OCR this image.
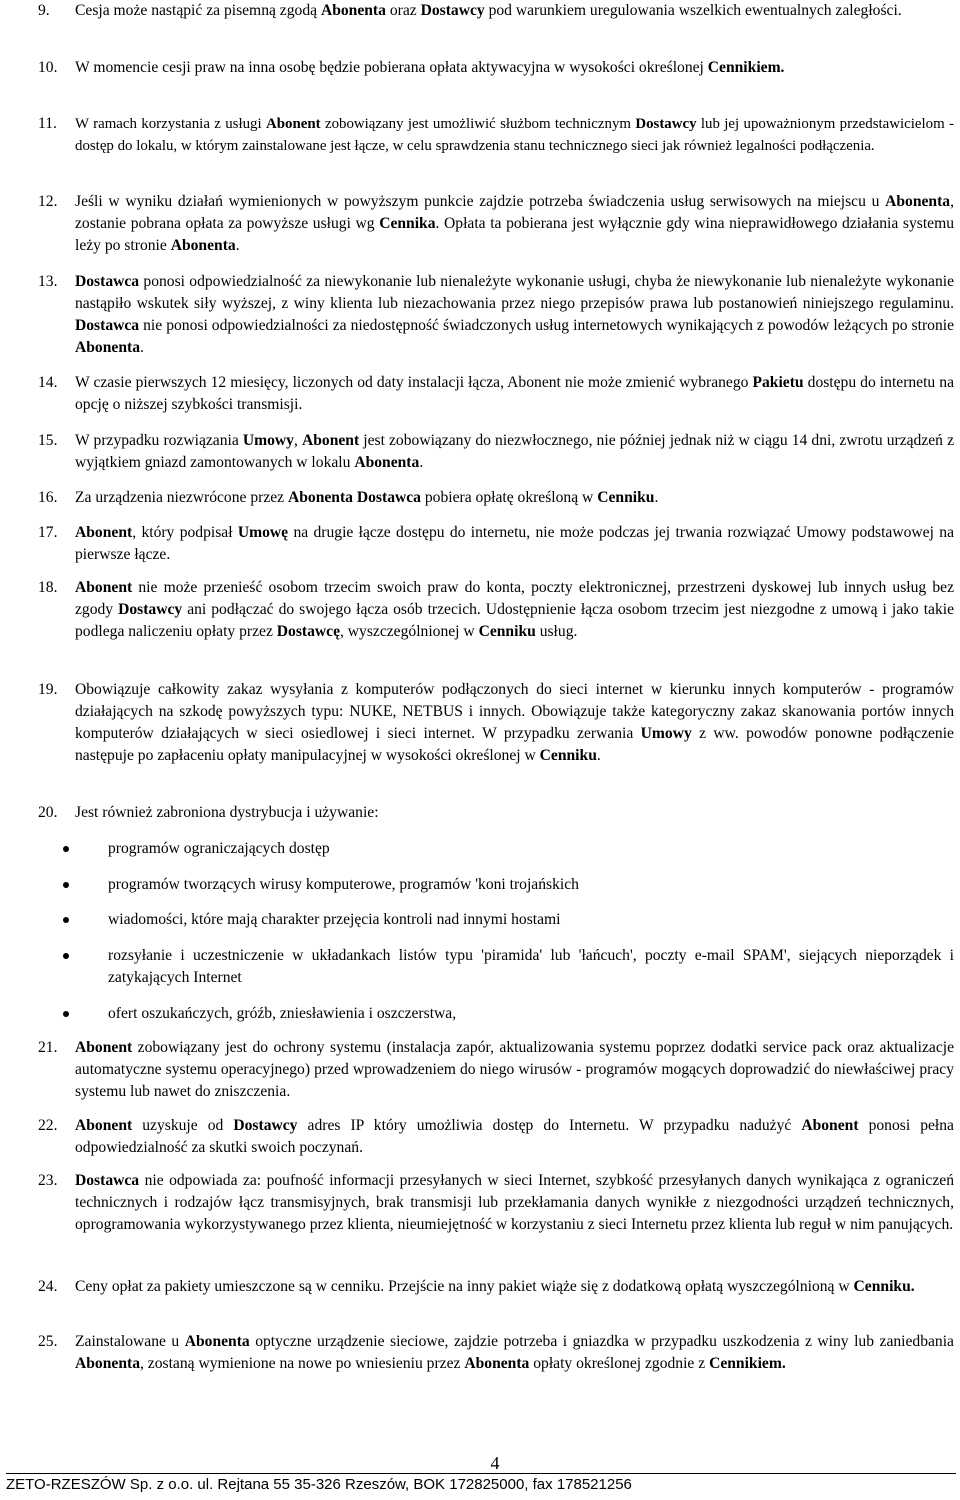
9. Cesja może nastąpić za pisemną zgodą Abonenta oraz Dostawcy pod warunkiem uregulowania wszelkich ewentualnych zaległości.
10. W momencie cesji praw na inna osobę będzie pobierana opłata aktywacyjna w wysokości określonej Cennikiem.
11. W ramach korzystania z usługi Abonent zobowiązany jest umożliwić służbom technicznym Dostawcy lub jej upoważnionym przedstawicielom - dostęp do lokalu, w którym zainstalowane jest łącze, w celu sprawdzenia stanu technicznego sieci jak również legalności podłączenia.
12. Jeśli w wyniku działań wymienionych w powyższym punkcie zajdzie potrzeba świadczenia usług serwisowych na miejscu u Abonenta, zostanie pobrana opłata za powyższe usługi wg Cennika. Opłata ta pobierana jest wyłącznie gdy wina nieprawidłowego działania systemu leży po stronie Abonenta.
13. Dostawca ponosi odpowiedzialność za niewykonanie lub nienależyte wykonanie usługi, chyba że niewykonanie lub nienależyte wykonanie nastąpiło wskutek siły wyższej, z winy klienta lub niezachowania przez niego przepisów prawa lub postanowień niniejszego regulaminu. Dostawca nie ponosi odpowiedzialności za niedostępność świadczonych usług internetowych wynikających z powodów leżących po stronie Abonenta.
14. W czasie pierwszych 12 miesięcy, liczonych od daty instalacji łącza, Abonent nie może zmienić wybranego Pakietu dostępu do internetu na opcję o niższej szybkości transmisji.
15. W przypadku rozwiązania Umowy, Abonent jest zobowiązany do niezwłocznego, nie później jednak niż w ciągu 14 dni, zwrotu urządzeń z wyjątkiem gniazd zamontowanych w lokalu Abonenta.
16. Za urządzenia niezwrócone przez Abonenta Dostawca pobiera opłatę określoną w Cenniku.
17. Abonent, który podpisał Umowę na drugie łącze dostępu do internetu, nie może podczas jej trwania rozwiązać Umowy podstawowej na pierwsze łącze.
18. Abonent nie może przenieść osobom trzecim swoich praw do konta, poczty elektronicznej, przestrzeni dyskowej lub innych usług bez zgody Dostawcy ani podłączać do swojego łącza osób trzecich. Udostępnienie łącza osobom trzecim jest niezgodne z umową i jako takie podlega naliczeniu opłaty przez Dostawcę, wyszczególnionej w Cenniku usług.
19. Obowiązuje całkowity zakaz wysyłania z komputerów podłączonych do sieci internet w kierunku innych komputerów - programów działających na szkodę powyższych typu: NUKE, NETBUS i innych. Obowiązuje także kategoryczny zakaz skanowania portów innych komputerów działających w sieci osiedlowej i sieci internet. W przypadku zerwania Umowy z ww. powodów ponowne podłączenie następuje po zapłaceniu opłaty manipulacyjnej w wysokości określonej w Cenniku.
20. Jest również zabroniona dystrybucja i używanie:
21. Abonent zobowiązany jest do ochrony systemu (instalacja zapór, aktualizowania systemu poprzez dodatki service pack oraz aktualizacje automatyczne systemu operacyjnego) przed wprowadzeniem do niego wirusów - programów mogących doprowadzić do niewłaściwej pracy systemu lub nawet do zniszczenia.
22. Abonent uzyskuje od Dostawcy adres IP który umożliwia dostęp do Internetu. W przypadku nadużyć Abonent ponosi pełna odpowiedzialność za skutki swoich poczynań.
23. Dostawca nie odpowiada za: poufność informacji przesyłanych w sieci Internet, szybkość przesyłanych danych wynikająca z ograniczeń technicznych i rodzajów łącz transmisyjnych, brak transmisji lub przekłamania danych wynikłe z niezgodności urządzeń technicznych, oprogramowania wykorzystywanego przez klienta, nieumiejętność w korzystaniu z sieci Internetu przez klienta lub reguł w nim panujących.
24. Ceny opłat za pakiety umieszczone są w cenniku. Przejście na inny pakiet wiąże się z dodatkową opłatą wyszczególnioną w Cenniku.
25. Zainstalowane u Abonenta optyczne urządzenie sieciowe, zajdzie potrzeba i gniazdka w przypadku uszkodzenia z winy lub zaniedbania Abonenta, zostaną wymienione na nowe po wniesieniu przez Abonenta opłaty określonej zgodnie z Cennikiem.
programów ograniczających dostęp
programów tworzących wirusy komputerowe, programów 'koni trojańskich
wiadomości, które mają charakter przejęcia kontroli nad innymi hostami
rozsyłanie i uczestniczenie w układankach listów typu 'piramida' lub 'łańcuch', poczty e-mail SPAM', siejących nieporządek i zatykających Internet
ofert oszukańczych, gróźb, zniesławienia i oszczerstwa,
4
ZETO-RZESZÓW Sp. z o.o. ul. Rejtana 55 35-326 Rzeszów, BOK 172825000, fax 178521256
